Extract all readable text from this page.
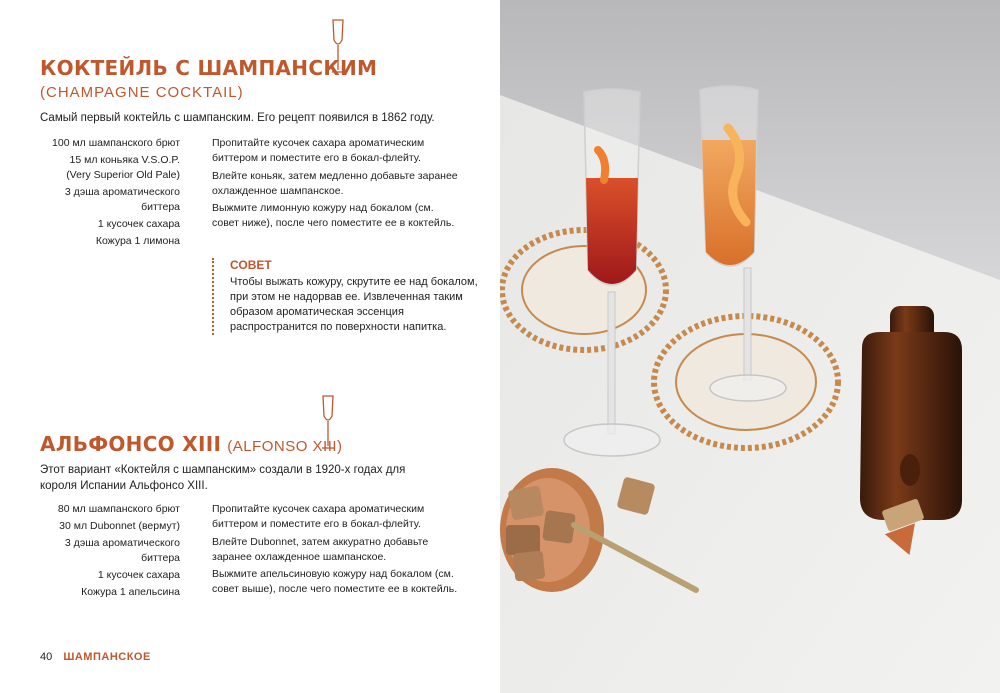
КОКТЕЙЛЬ С ШАМПАНСКИМ
(CHAMPAGNE COCKTAIL)
Самый первый коктейль с шампанским. Его рецепт появился в 1862 году.
100 мл шампанского брют
15 мл коньяка V.S.O.P.
(Very Superior Old Pale)
3 дэша ароматического
биттера
1 кусочек сахара
Кожура 1 лимона

Пропитайте кусочек сахара ароматическим биттером и поместите его в бокал-флейту.

Влейте коньяк, затем медленно добавьте заранее охлажденное шампанское.

Выжмите лимонную кожуру над бокалом (см. совет ниже), после чего поместите ее в коктейль.

СОВЕТ
Чтобы выжать кожуру, скрутите ее над бокалом, при этом не надорвав ее. Извлеченная таким образом ароматическая эссенция распространится по поверхности напитка.
АЛЬФОНСО XIII (ALFONSO XIII)
Этот вариант «Коктейля с шампанским» создали в 1920-х годах для короля Испании Альфонсо XIII.
80 мл шампанского брют
30 мл Dubonnet (вермут)
3 дэша ароматического
биттера
1 кусочек сахара
Кожура 1 апельсина

Пропитайте кусочек сахара ароматическим биттером и поместите его в бокал-флейту.

Влейте Dubonnet, затем аккуратно добавьте заранее охлажденное шампанское.

Выжмите апельсиновую кожуру над бокалом (см. совет выше), после чего поместите ее в коктейль.

40 ШАМПАНСКОЕ
